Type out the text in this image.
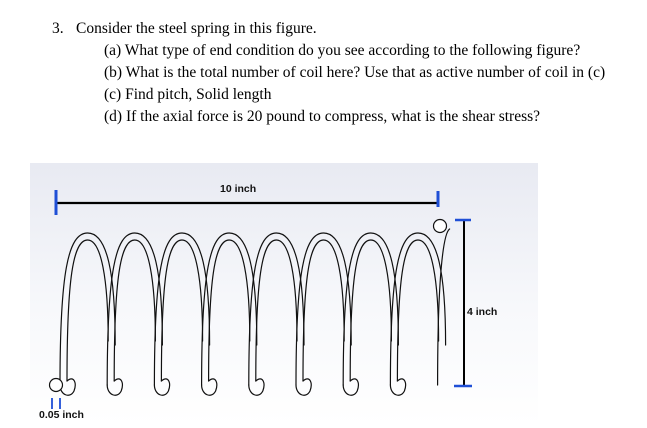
3. Consider the steel spring in this figure.
(a) What type of end condition do you see according to the following figure?
(b) What is the total number of coil here? Use that as active number of coil in (c)
(c) Find pitch, Solid length
(d) If the axial force is 20 pound to compress, what is the shear stress?
10 inch
4 inch
0.05 inch
